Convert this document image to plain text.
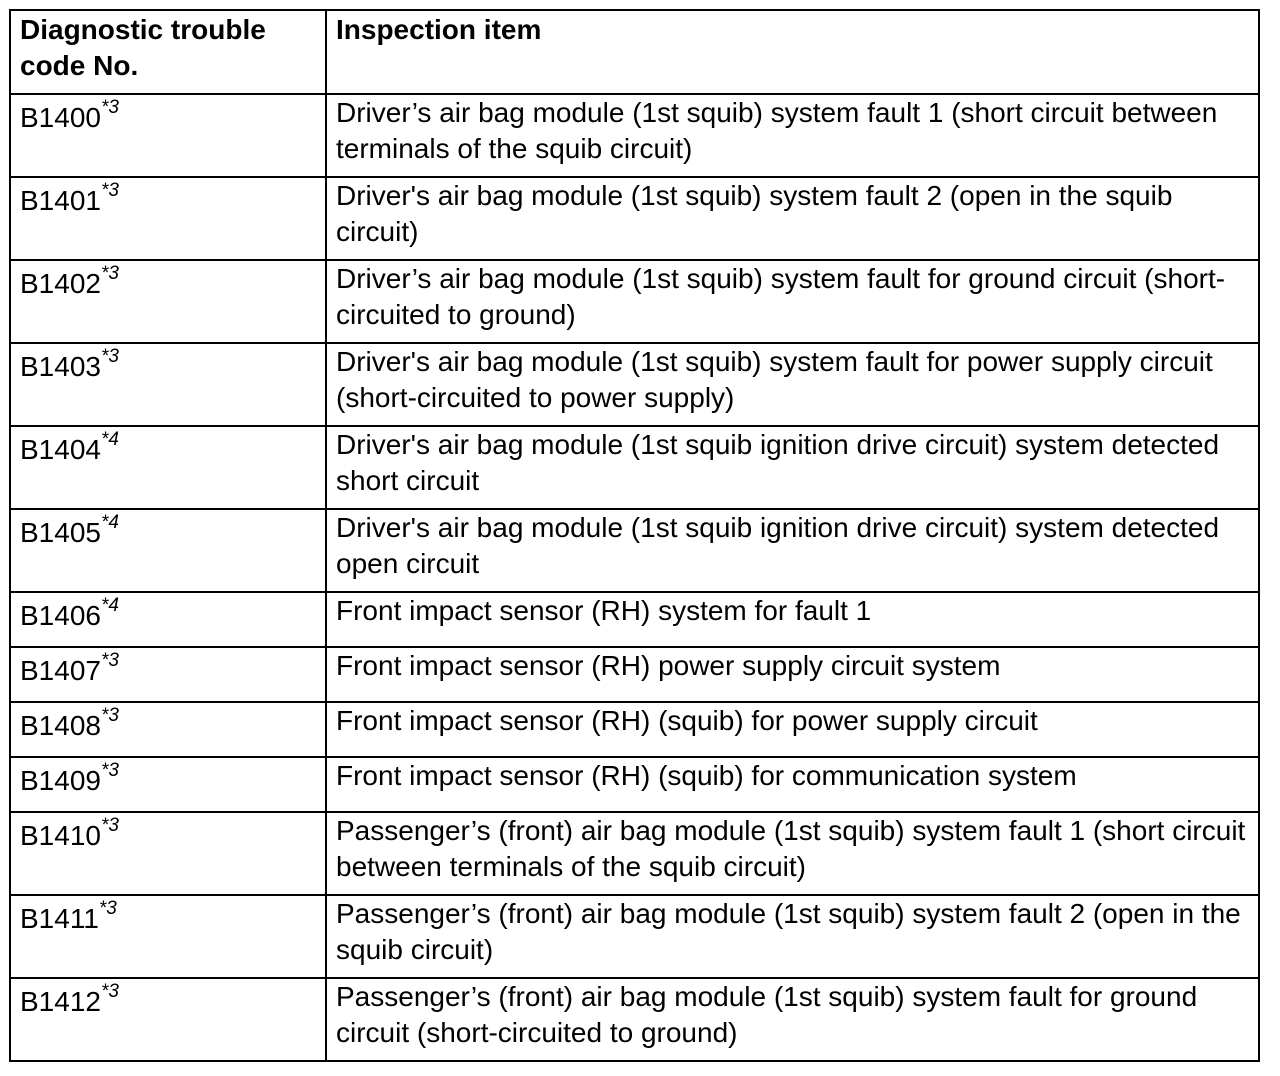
Diagnostic trouble code No.	Inspection item
B1400$^{*3}$	Driver’s air bag module (1st squib) system fault 1 (short circuit between terminals of the squib circuit)
B1401$^{*3}$	Driver's air bag module (1st squib) system fault 2 (open in the squib circuit)
B1402$^{*3}$	Driver’s air bag module (1st squib) system fault for ground circuit (short-circuited to ground)
B1403$^{*3}$	Driver's air bag module (1st squib) system fault for power supply circuit (short-circuited to power supply)
B1404$^{*4}$	Driver's air bag module (1st squib ignition drive circuit) system detected short circuit
B1405$^{*4}$	Driver's air bag module (1st squib ignition drive circuit) system detected open circuit
B1406$^{*4}$	Front impact sensor (RH) system for fault 1
B1407$^{*3}$	Front impact sensor (RH) power supply circuit system
B1408$^{*3}$	Front impact sensor (RH) (squib) for power supply circuit
B1409$^{*3}$	Front impact sensor (RH) (squib) for communication system
B1410$^{*3}$	Passenger’s (front) air bag module (1st squib) system fault 1 (short circuit between terminals of the squib circuit)
B1411$^{*3}$	Passenger’s (front) air bag module (1st squib) system fault 2 (open in the squib circuit)
B1412$^{*3}$	Passenger’s (front) air bag module (1st squib) system fault for ground circuit (short-circuited to ground)
